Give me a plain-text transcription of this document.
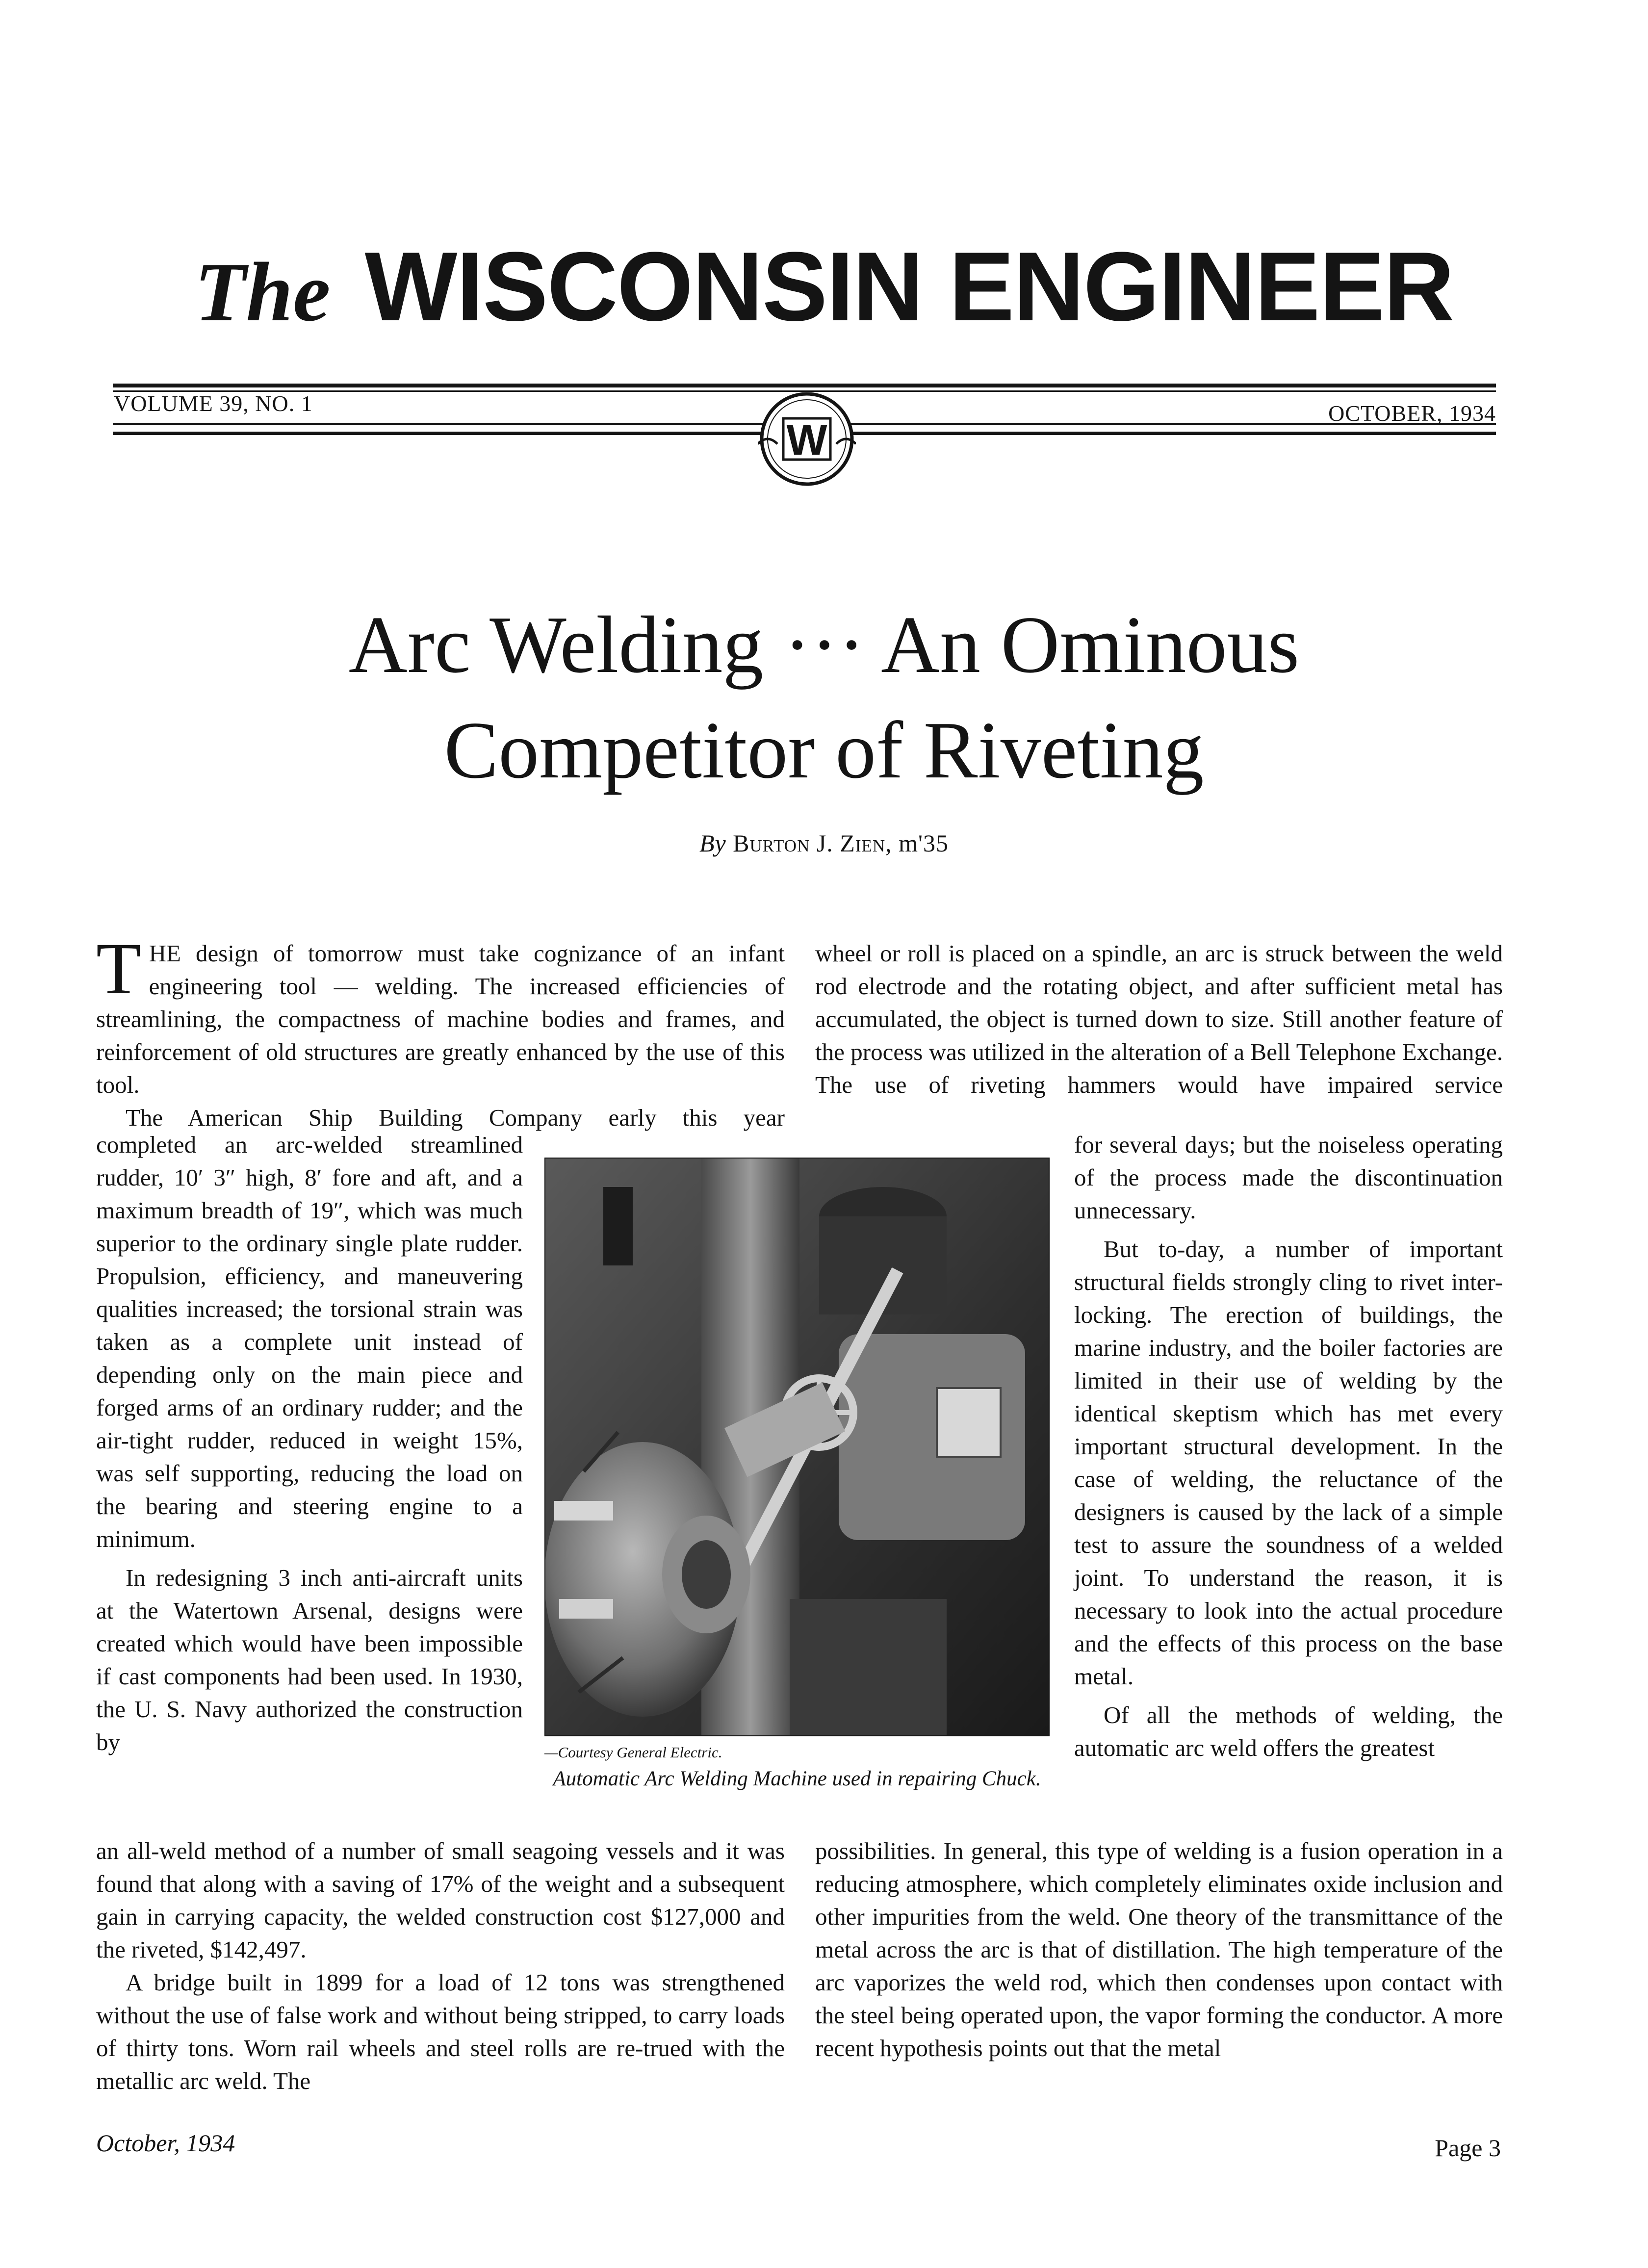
The WISCONSIN ENGINEER
VOLUME 39, NO. 1	OCTOBER, 1934
W
Arc Welding ··· An Ominous
Competitor of Riveting
By Burton J. Zien, m'35

THE design of tomorrow must take cognizance of an infant engineering tool — welding. The increased efficiencies of streamlining, the compactness of machine bodies and frames, and reinforcement of old structures are greatly enhanced by the use of this tool.

The American Ship Building Company early this year

completed an arc-welded streamlined rudder, 10′ 3″ high, 8′ fore and aft, and a maximum breadth of 19″, which was much superior to the ordinary single plate rudder. Propulsion, efficiency, and maneuvering qualities increased; the torsional strain was taken as a complete unit instead of depending only on the main piece and forged arms of an ordinary rudder; and the air-tight rudder, reduced in weight 15%, was self supporting, reducing the load on the bearing and steering engine to a minimum.

In redesigning 3 inch anti-aircraft units at the Watertown Arsenal, designs were created which would have been impossible if cast components had been used. In 1930, the U. S. Navy authorized the construction by

an all-weld method of a number of small seagoing vessels and it was found that along with a saving of 17% of the weight and a subsequent gain in carrying capacity, the welded construction cost $127,000 and the riveted, $142,497.

A bridge built in 1899 for a load of 12 tons was strengthened without the use of false work and without being stripped, to carry loads of thirty tons. Worn rail wheels and steel rolls are re-trued with the metallic arc weld. The

wheel or roll is placed on a spindle, an arc is struck between the weld rod electrode and the rotating object, and after sufficient metal has accumulated, the object is turned down to size. Still another feature of the process was utilized in the alteration of a Bell Telephone Exchange. The use of riveting hammers would have impaired service

for several days; but the noiseless operating of the process made the discontinuation unnecessary.

But to-day, a number of important structural fields strongly cling to rivet inter-locking. The erection of buildings, the marine industry, and the boiler factories are limited in their use of welding by the identical skeptism which has met every important structural development. In the case of welding, the reluctance of the designers is caused by the lack of a simple test to assure the soundness of a welded joint. To understand the reason, it is necessary to look into the actual procedure and the effects of this process on the base metal.

Of all the methods of welding, the automatic arc weld offers the greatest

possibilities. In general, this type of welding is a fusion operation in a reducing atmosphere, which completely eliminates oxide inclusion and other impurities from the weld. One theory of the transmittance of the metal across the arc is that of distillation. The high temperature of the arc vaporizes the weld rod, which then condenses upon contact with the steel being operated upon, the vapor forming the conductor. A more recent hypothesis points out that the metal

—Courtesy General Electric.
Automatic Arc Welding Machine used in repairing Chuck.
October, 1934	Page 3
